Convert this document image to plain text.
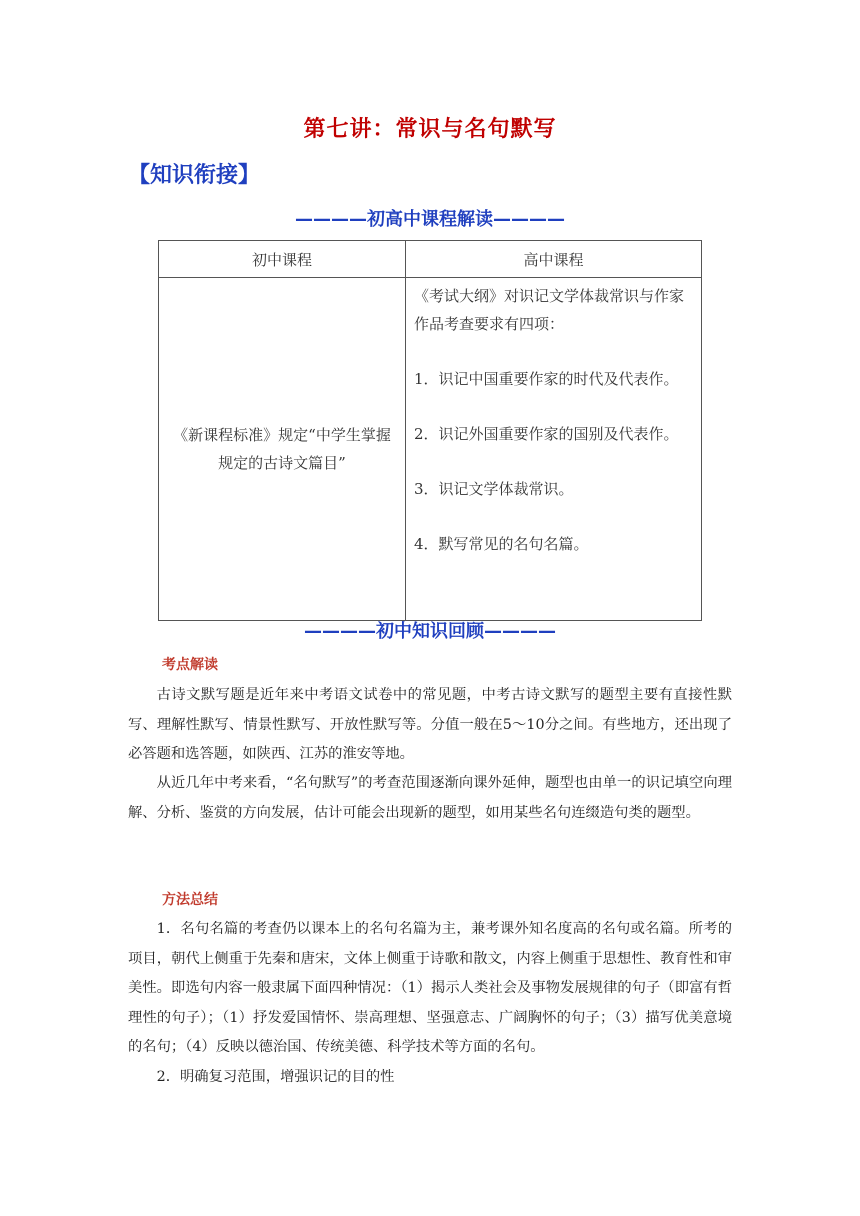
第七讲：常识与名句默写
【知识衔接】
————初高中课程解读————
初中课程	高中课程
《新课程标准》规定“中学生掌握规定的古诗文篇目”	《考试大纲》对识记文学体裁常识与作家作品考查要求有四项：

1．识记中国重要作家的时代及代表作。

2．识记外国重要作家的国别及代表作。

3．识记文学体裁常识。

4．默写常见的名句名篇。

————初中知识回顾————
考点解读

古诗文默写题是近年来中考语文试卷中的常见题，中考古诗文默写的题型主要有直接性默写、理解性默写、情景性默写、开放性默写等。分值一般在5～10分之间。有些地方，还出现了必答题和选答题，如陕西、江苏的淮安等地。

从近几年中考来看，“名句默写”的考查范围逐渐向课外延伸，题型也由单一的识记填空向理解、分析、鉴赏的方向发展，估计可能会出现新的题型，如用某些名句连缀造句类的题型。

方法总结

1．名句名篇的考查仍以课本上的名句名篇为主，兼考课外知名度高的名句或名篇。所考的项目，朝代上侧重于先秦和唐宋，文体上侧重于诗歌和散文，内容上侧重于思想性、教育性和审美性。即选句内容一般隶属下面四种情况：（1）揭示人类社会及事物发展规律的句子（即富有哲理性的句子）；（1）抒发爱国情怀、崇高理想、坚强意志、广阔胸怀的句子；（3）描写优美意境的名句；（4）反映以德治国、传统美德、科学技术等方面的名句。

2．明确复习范围，增强识记的目的性
